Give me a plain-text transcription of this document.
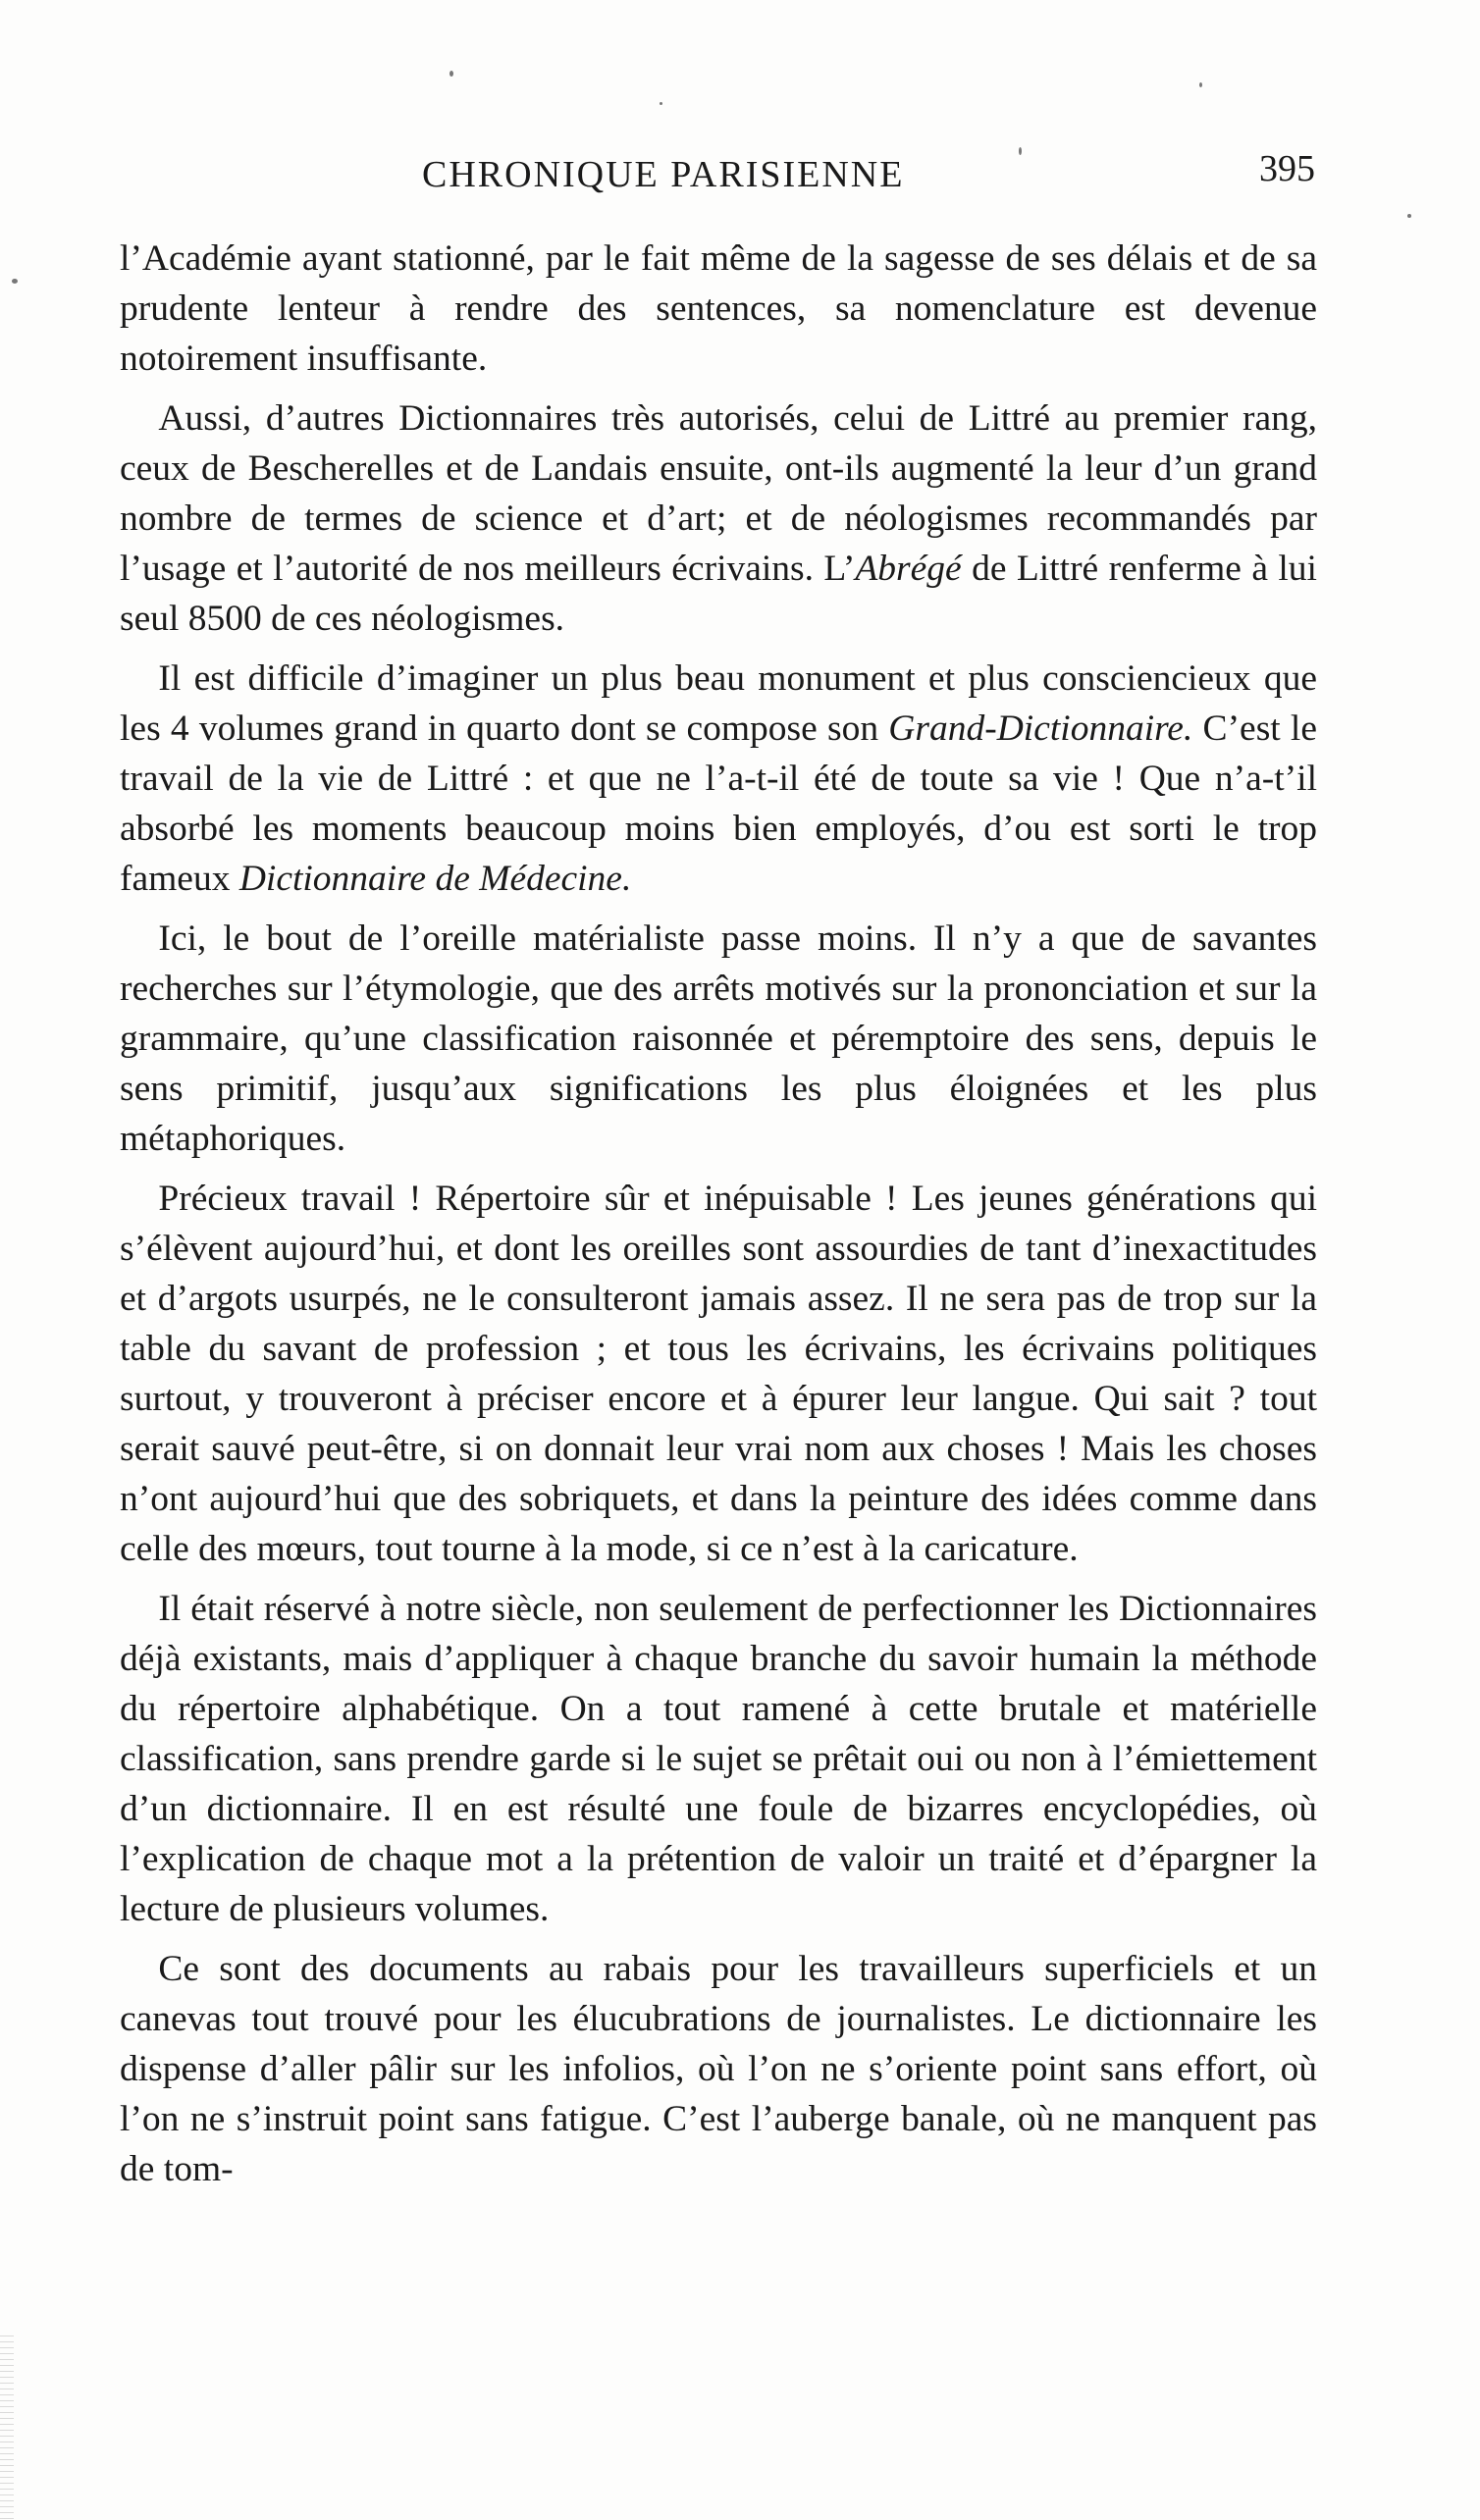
CHRONIQUE PARISIENNE	395

l’Académie ayant stationné, par le fait même de la sagesse de ses délais et de sa prudente lenteur à rendre des sentences, sa nomenclature est devenue notoirement insuffisante.

Aussi, d’autres Dictionnaires très autorisés, celui de Littré au premier rang, ceux de Bescherelles et de Landais ensuite, ont-ils augmenté la leur d’un grand nombre de termes de science et d’art; et de néologismes recommandés par l’usage et l’autorité de nos meilleurs écrivains. L’Abrégé de Littré renferme à lui seul 8500 de ces néologismes.

Il est difficile d’imaginer un plus beau monument et plus consciencieux que les 4 volumes grand in quarto dont se compose son Grand-Dictionnaire. C’est le travail de la vie de Littré : et que ne l’a-t-il été de toute sa vie ! Que n’a-t’il absorbé les moments beaucoup moins bien employés, d’ou est sorti le trop fameux Dictionnaire de Médecine.

Ici, le bout de l’oreille matérialiste passe moins. Il n’y a que de savantes recherches sur l’étymologie, que des arrêts motivés sur la prononciation et sur la grammaire, qu’une classification raisonnée et péremptoire des sens, depuis le sens primitif, jusqu’aux significations les plus éloignées et les plus métaphoriques.

Précieux travail ! Répertoire sûr et inépuisable ! Les jeunes générations qui s’élèvent aujourd’hui, et dont les oreilles sont assourdies de tant d’inexactitudes et d’argots usurpés, ne le consulteront jamais assez. Il ne sera pas de trop sur la table du savant de profession ; et tous les écrivains, les écrivains politiques surtout, y trouveront à préciser encore et à épurer leur langue. Qui sait ? tout serait sauvé peut-être, si on donnait leur vrai nom aux choses ! Mais les choses n’ont aujourd’hui que des sobriquets, et dans la peinture des idées comme dans celle des mœurs, tout tourne à la mode, si ce n’est à la caricature.

Il était réservé à notre siècle, non seulement de perfectionner les Dictionnaires déjà existants, mais d’appliquer à chaque branche du savoir humain la méthode du répertoire alphabétique. On a tout ramené à cette brutale et matérielle classification, sans prendre garde si le sujet se prêtait oui ou non à l’émiettement d’un dictionnaire. Il en est résulté une foule de bizarres encyclopédies, où l’explication de chaque mot a la prétention de valoir un traité et d’épargner la lecture de plusieurs volumes.

Ce sont des documents au rabais pour les travailleurs superficiels et un canevas tout trouvé pour les élucubrations de journalistes. Le dictionnaire les dispense d’aller pâlir sur les infolios, où l’on ne s’oriente point sans effort, où l’on ne s’instruit point sans fatigue. C’est l’auberge banale, où ne manquent pas de tom-
